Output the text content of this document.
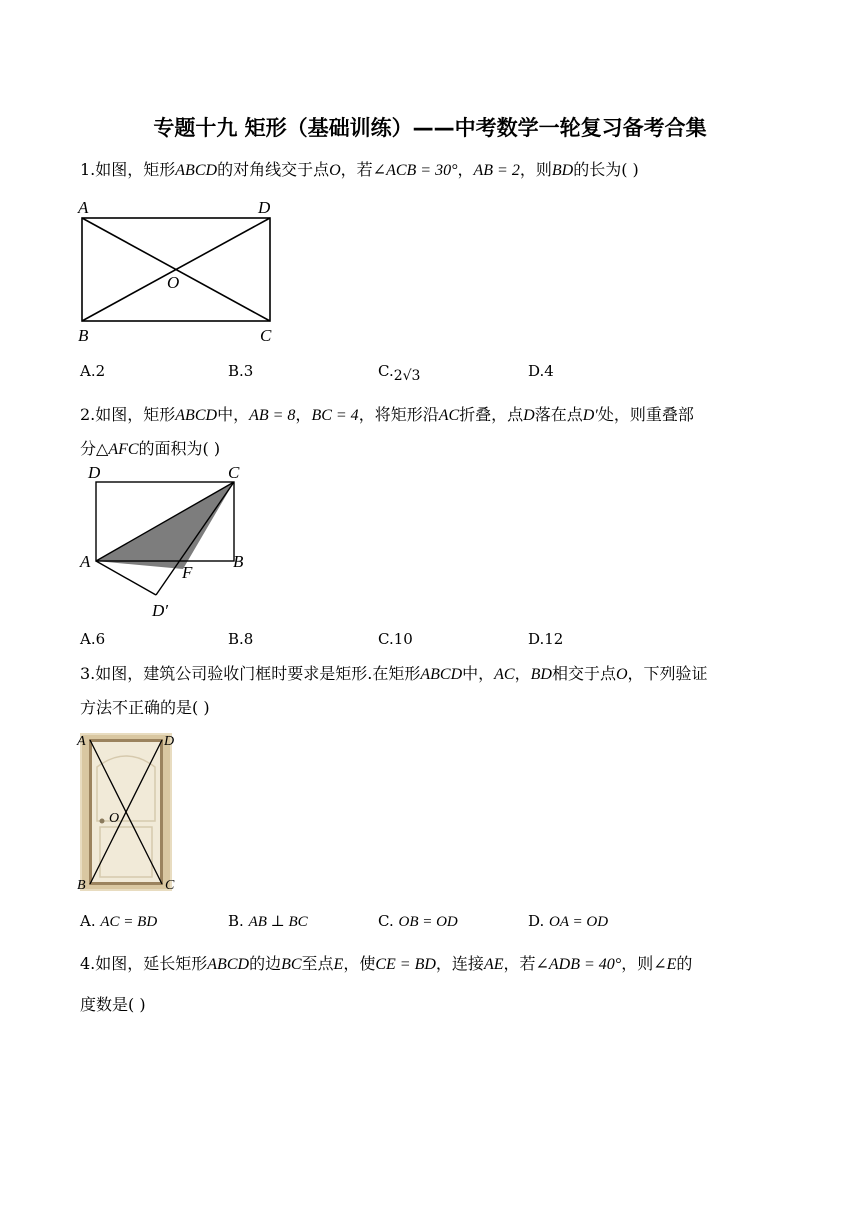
专题十九 矩形（基础训练）——中考数学一轮复习备考合集
1.如图，矩形ABCD的对角线交于点O，若∠ACB = 30°，AB = 2，则BD的长为( )
A	D
O
B	C
A.2	B.3	C.2√3	D.4
2.如图，矩形ABCD中，AB = 8，BC = 4，将矩形沿AC折叠，点D落在点D′处，则重叠部
分△AFC的面积为( )
D	C
A	B
F
D′
A.6	B.8	C.10	D.12
3.如图，建筑公司验收门框时要求是矩形.在矩形ABCD中，AC，BD相交于点O，下列验证
方法不正确的是( )
A	D
O
B	C
A. AC = BD	B. AB ⊥ BC	C. OB = OD	D. OA = OD
4.如图，延长矩形ABCD的边BC至点E，使CE = BD，连接AE，若∠ADB = 40°，则∠E的
度数是( )
